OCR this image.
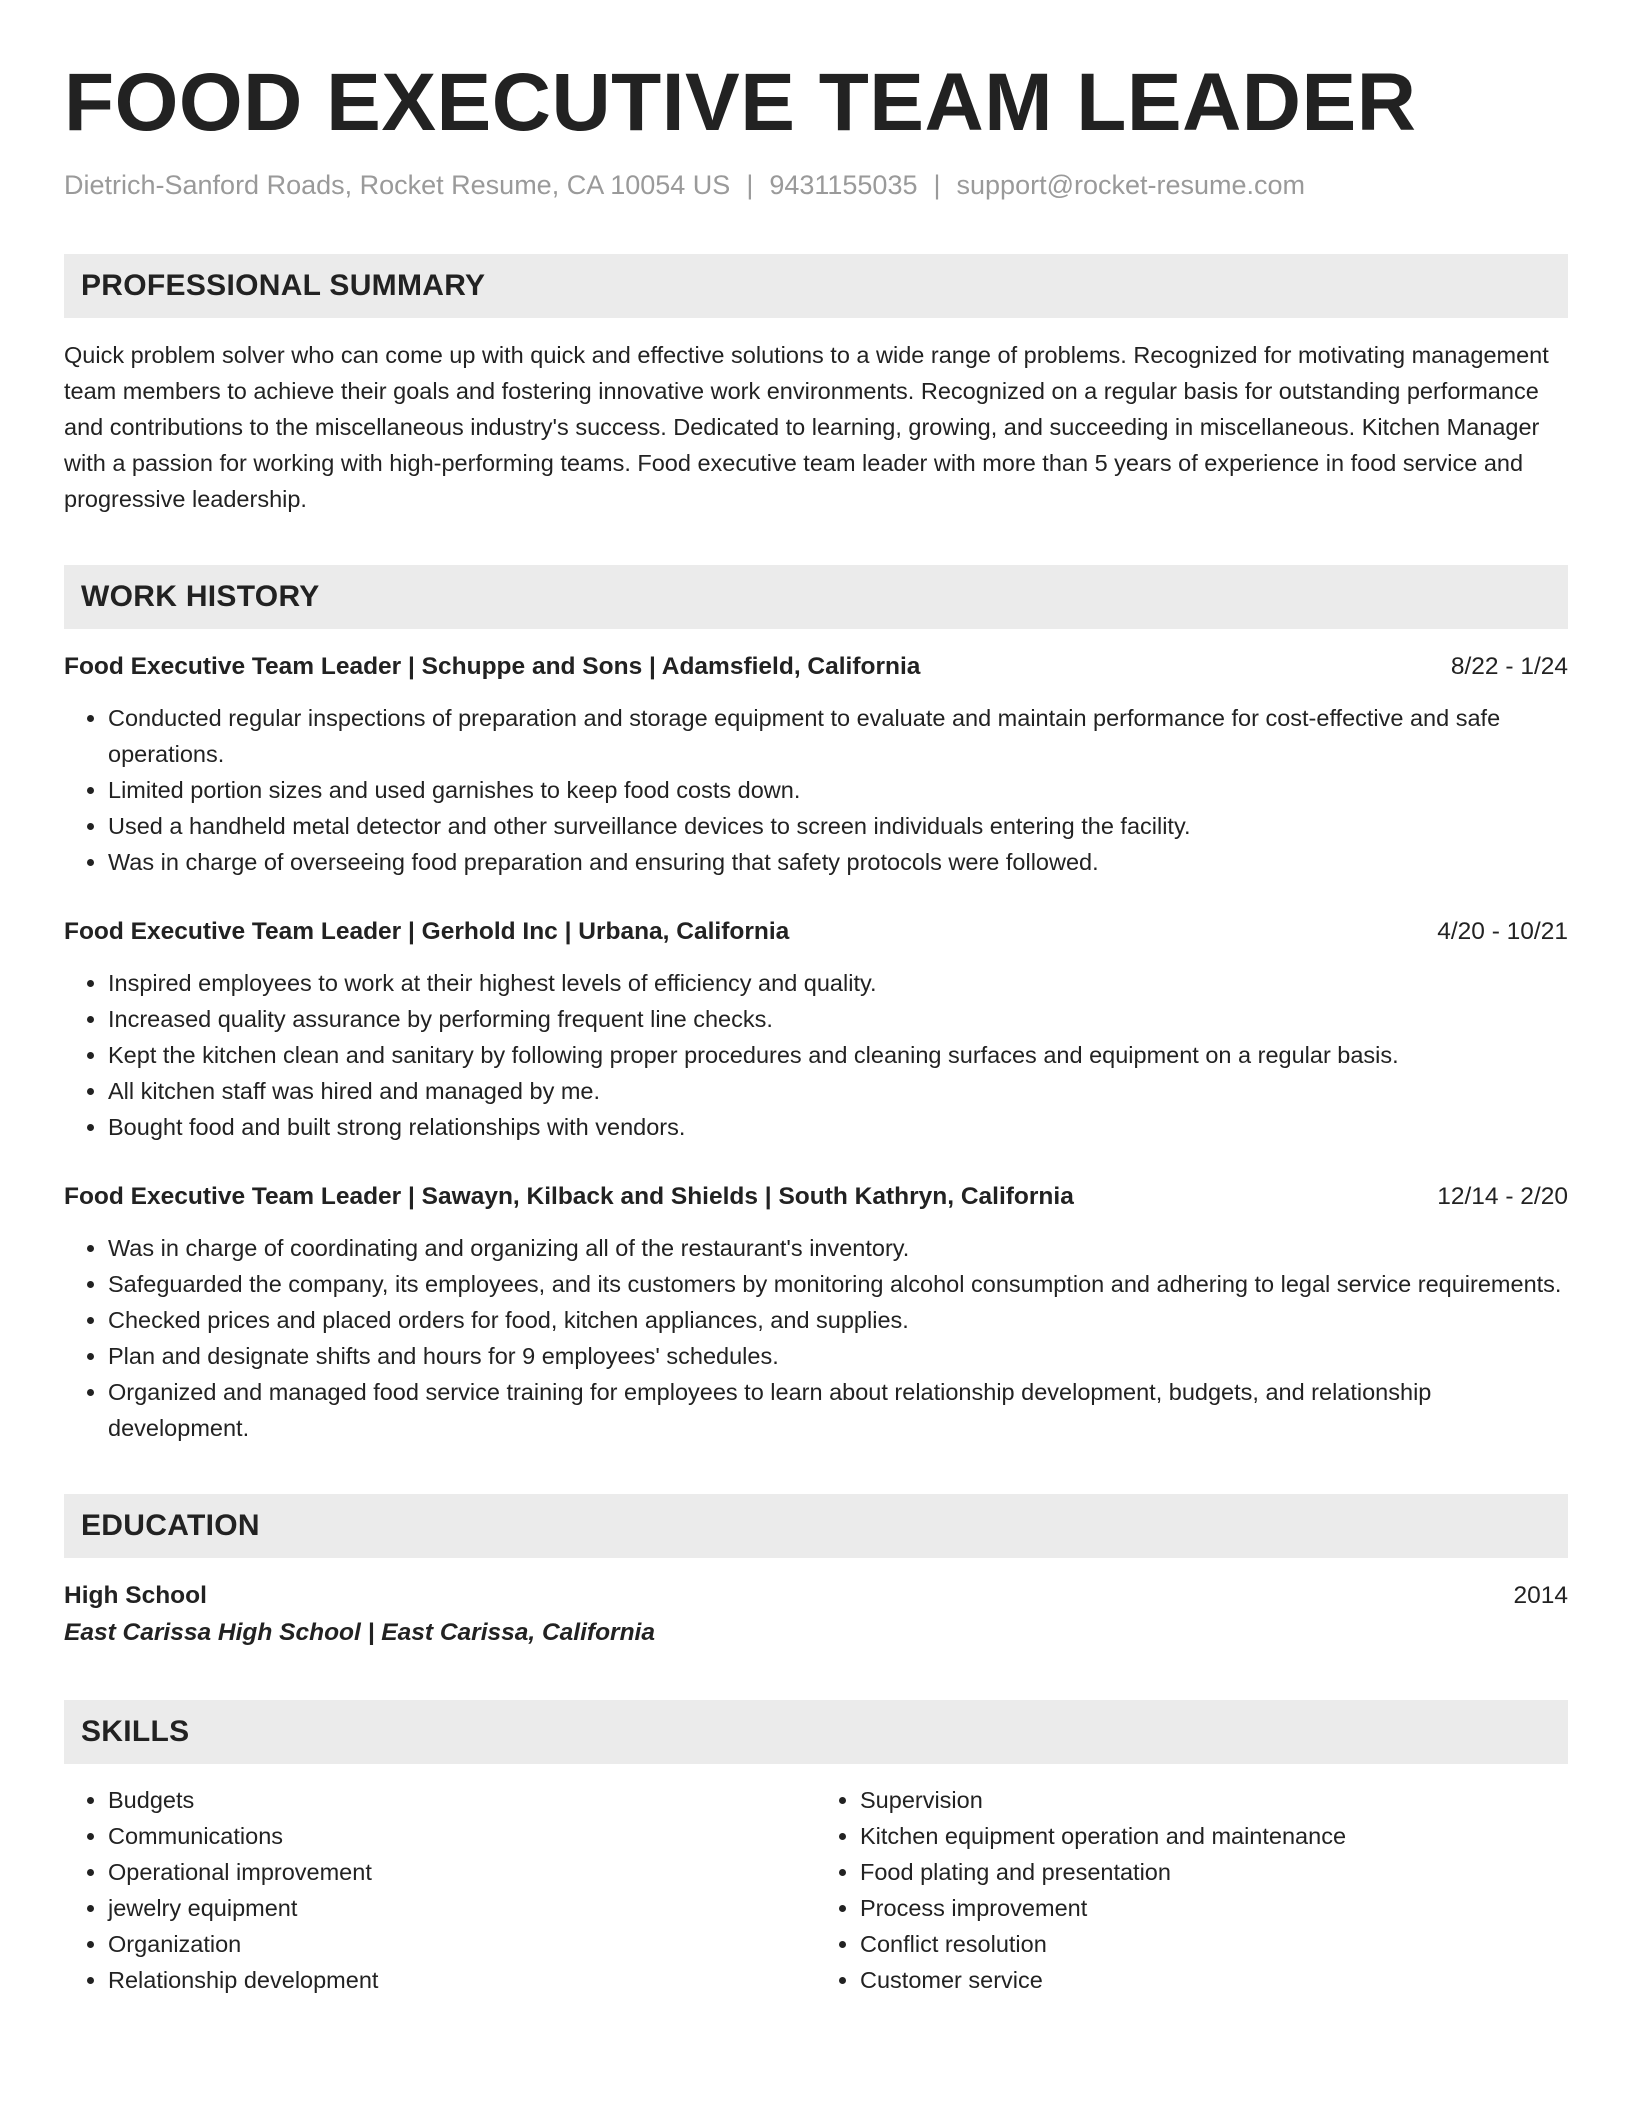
FOOD EXECUTIVE TEAM LEADER
Dietrich-Sanford Roads, Rocket Resume, CA 10054 US | 9431155035 | support@rocket-resume.com
PROFESSIONAL SUMMARY
Quick problem solver who can come up with quick and effective solutions to a wide range of problems. Recognized for motivating management team members to achieve their goals and fostering innovative work environments. Recognized on a regular basis for outstanding performance and contributions to the miscellaneous industry's success. Dedicated to learning, growing, and succeeding in miscellaneous. Kitchen Manager with a passion for working with high-performing teams. Food executive team leader with more than 5 years of experience in food service and progressive leadership.
WORK HISTORY
Food Executive Team Leader | Schuppe and Sons | Adamsfield, California	8/22 - 1/24
• Conducted regular inspections of preparation and storage equipment to evaluate and maintain performance for cost-effective and safe operations.
• Limited portion sizes and used garnishes to keep food costs down.
• Used a handheld metal detector and other surveillance devices to screen individuals entering the facility.
• Was in charge of overseeing food preparation and ensuring that safety protocols were followed.
Food Executive Team Leader | Gerhold Inc | Urbana, California	4/20 - 10/21
• Inspired employees to work at their highest levels of efficiency and quality.
• Increased quality assurance by performing frequent line checks.
• Kept the kitchen clean and sanitary by following proper procedures and cleaning surfaces and equipment on a regular basis.
• All kitchen staff was hired and managed by me.
• Bought food and built strong relationships with vendors.
Food Executive Team Leader | Sawayn, Kilback and Shields | South Kathryn, California	12/14 - 2/20
• Was in charge of coordinating and organizing all of the restaurant's inventory.
• Safeguarded the company, its employees, and its customers by monitoring alcohol consumption and adhering to legal service requirements.
• Checked prices and placed orders for food, kitchen appliances, and supplies.
• Plan and designate shifts and hours for 9 employees' schedules.
• Organized and managed food service training for employees to learn about relationship development, budgets, and relationship development.
EDUCATION
High School	2014
East Carissa High School | East Carissa, California
SKILLS
• Budgets
• Communications
• Operational improvement
• jewelry equipment
• Organization
• Relationship development
• Supervision
• Kitchen equipment operation and maintenance
• Food plating and presentation
• Process improvement
• Conflict resolution
• Customer service
